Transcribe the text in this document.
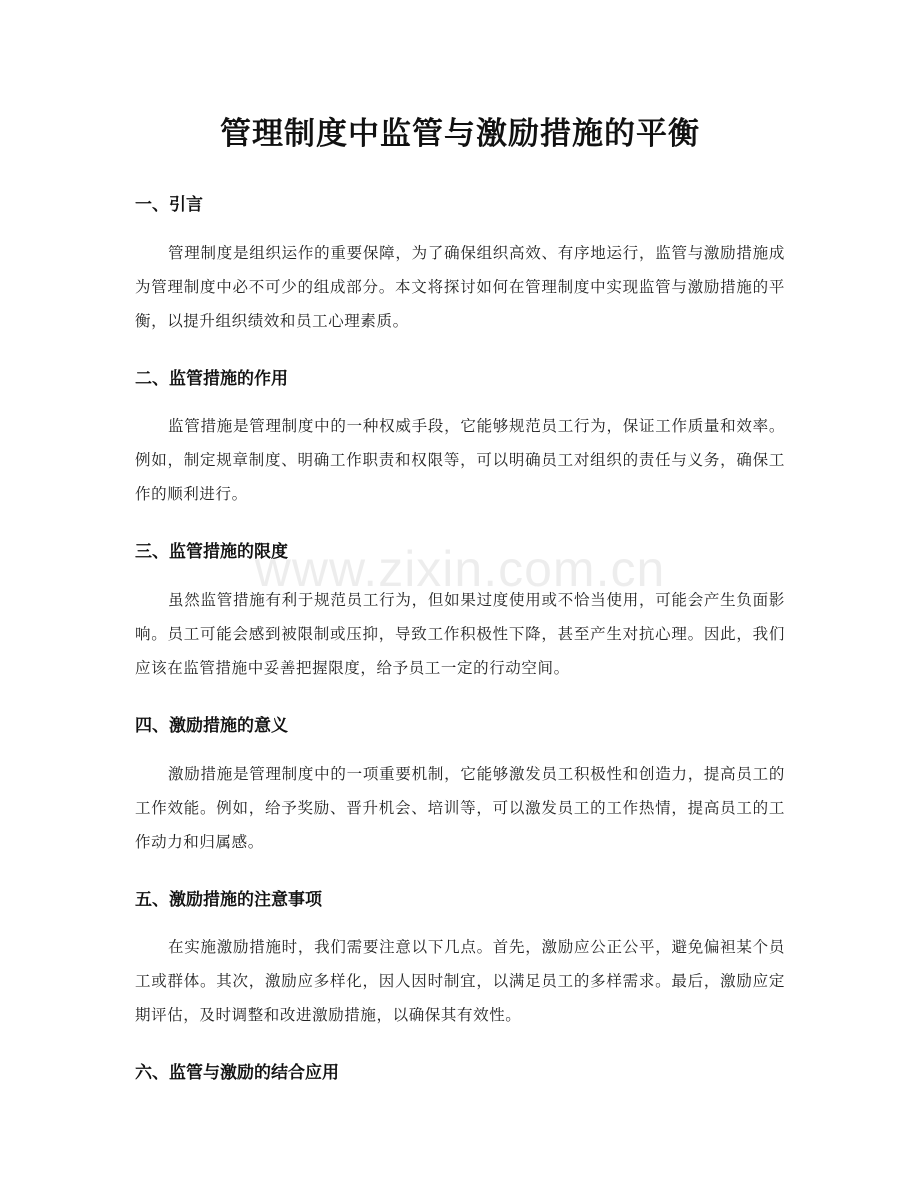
www.zixin.com.cn
管理制度中监管与激励措施的平衡
一、引言

管理制度是组织运作的重要保障，为了确保组织高效、有序地运行，监管与激励措施成为管理制度中必不可少的组成部分。本文将探讨如何在管理制度中实现监管与激励措施的平衡，以提升组织绩效和员工心理素质。

二、监管措施的作用

监管措施是管理制度中的一种权威手段，它能够规范员工行为，保证工作质量和效率。例如，制定规章制度、明确工作职责和权限等，可以明确员工对组织的责任与义务，确保工作的顺利进行。

三、监管措施的限度

虽然监管措施有利于规范员工行为，但如果过度使用或不恰当使用，可能会产生负面影响。员工可能会感到被限制或压抑，导致工作积极性下降，甚至产生对抗心理。因此，我们应该在监管措施中妥善把握限度，给予员工一定的行动空间。

四、激励措施的意义

激励措施是管理制度中的一项重要机制，它能够激发员工积极性和创造力，提高员工的工作效能。例如，给予奖励、晋升机会、培训等，可以激发员工的工作热情，提高员工的工作动力和归属感。

五、激励措施的注意事项

在实施激励措施时，我们需要注意以下几点。首先，激励应公正公平，避免偏袒某个员工或群体。其次，激励应多样化，因人因时制宜，以满足员工的多样需求。最后，激励应定期评估，及时调整和改进激励措施，以确保其有效性。

六、监管与激励的结合应用
